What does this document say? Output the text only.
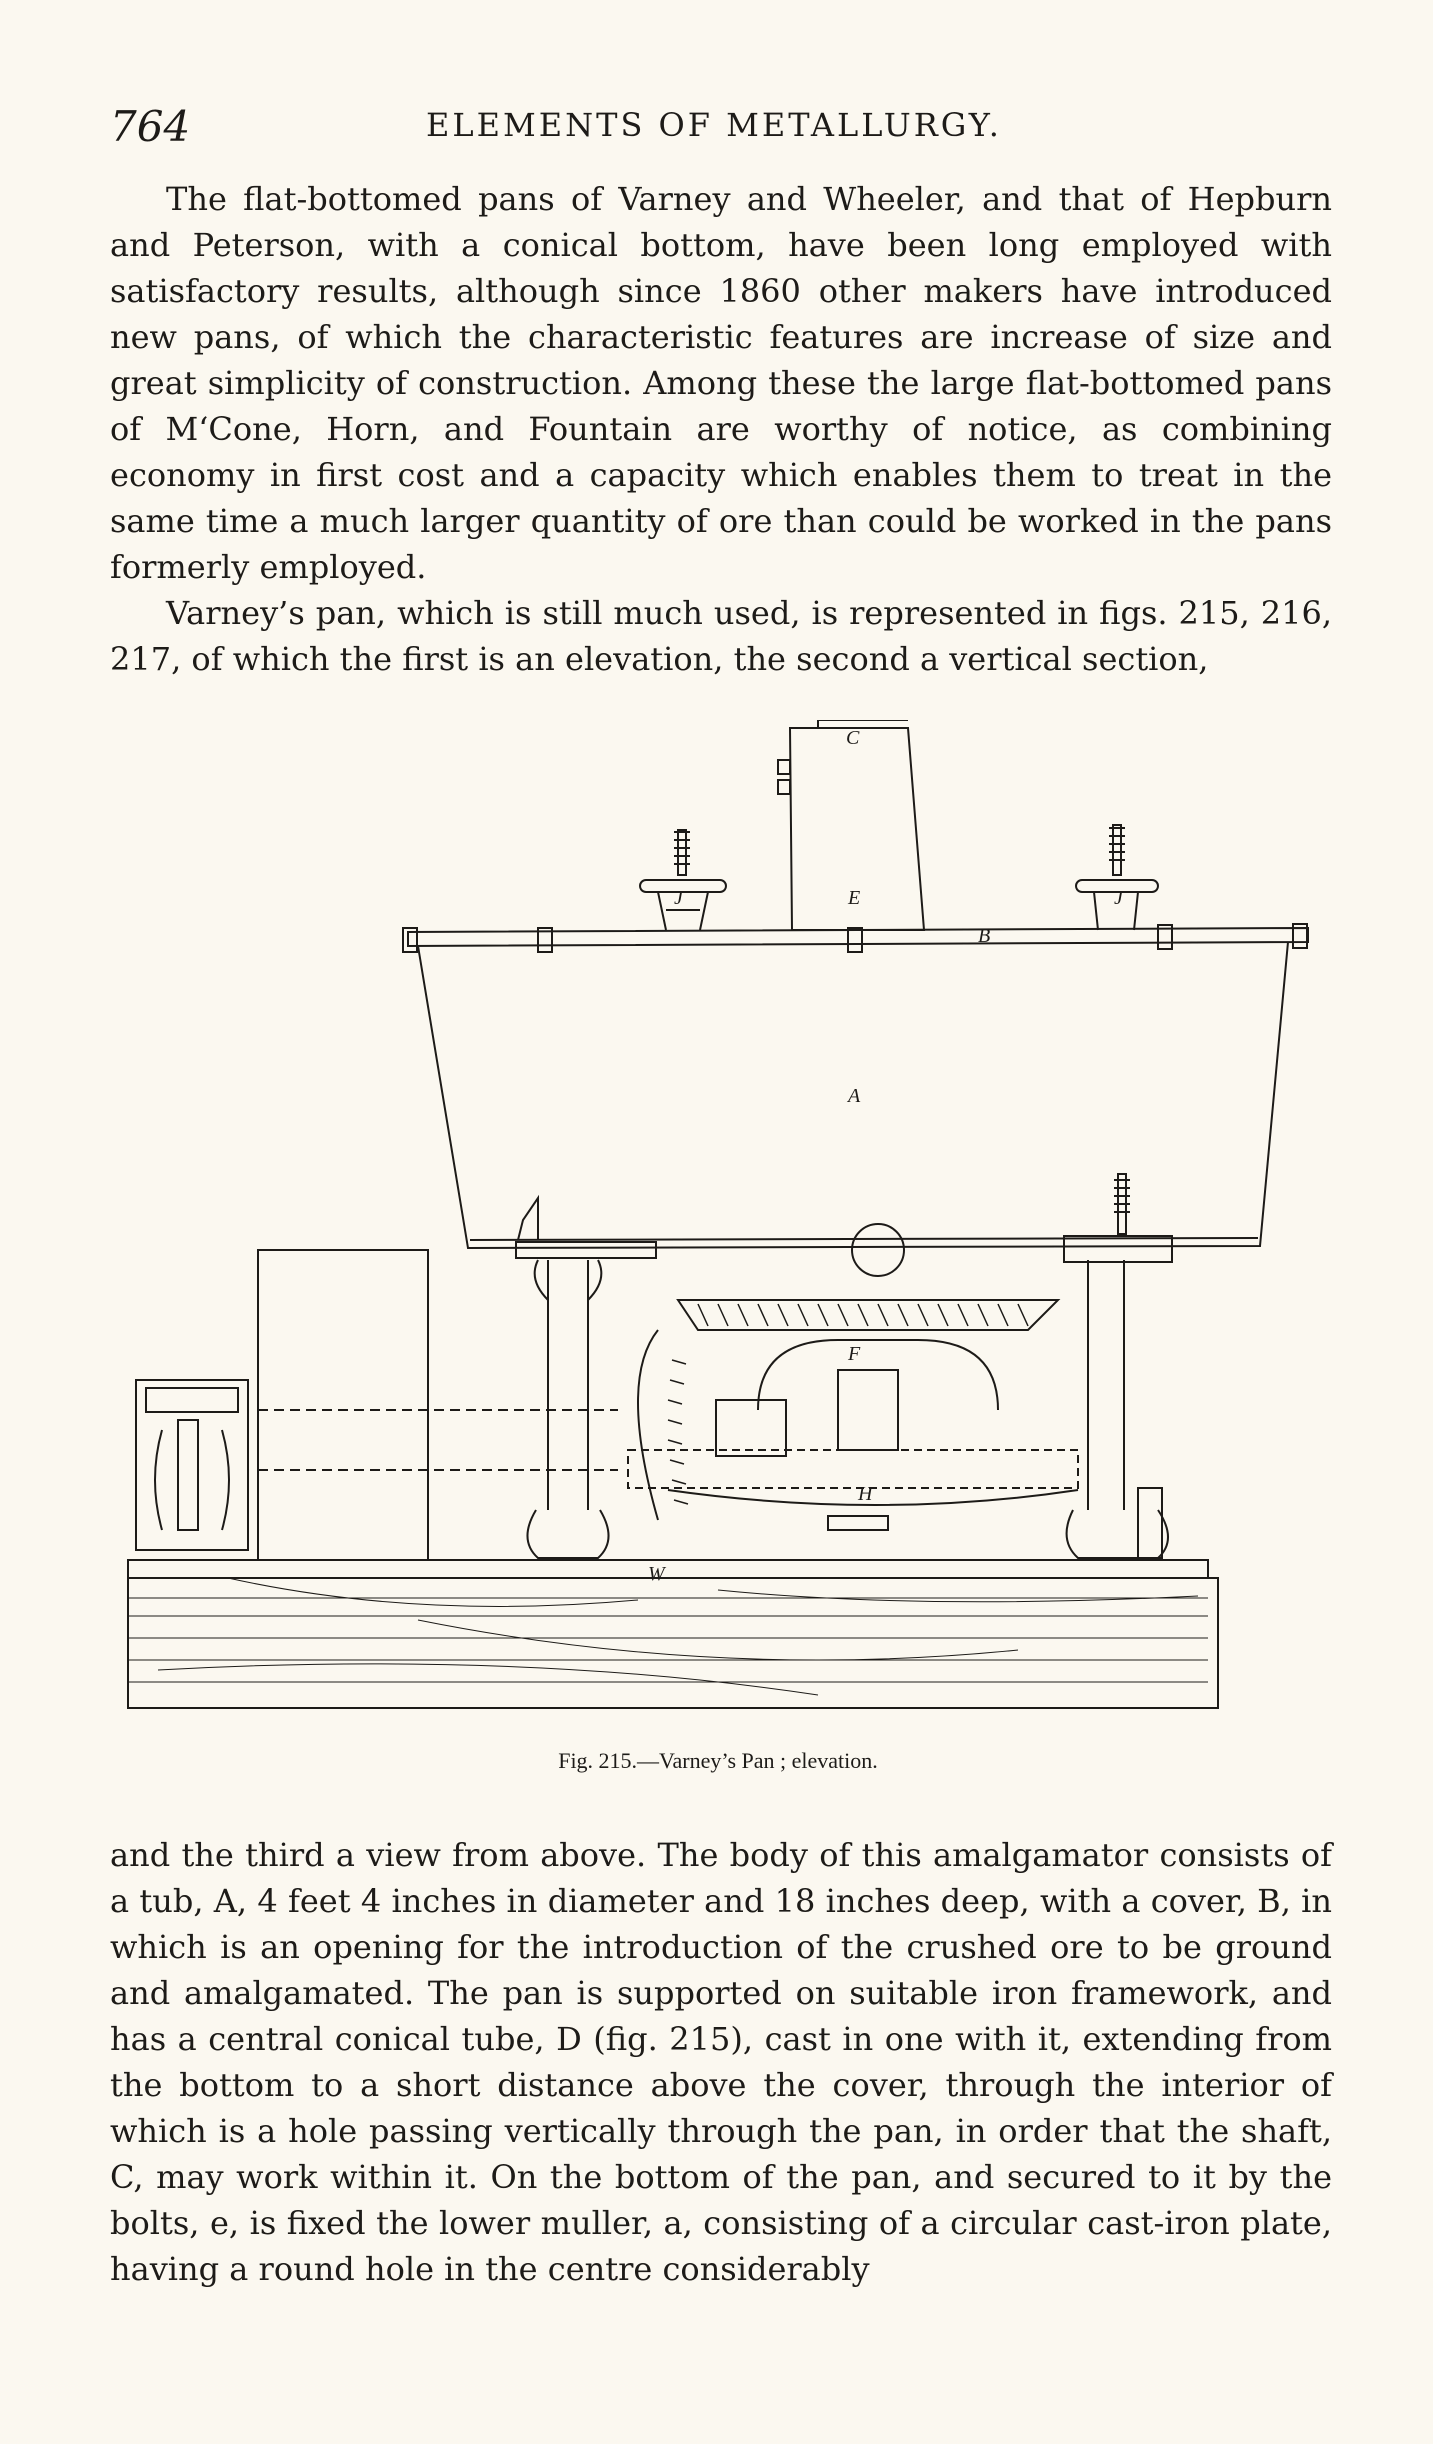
764	ELEMENTS OF METALLURGY.

The flat-bottomed pans of Varney and Wheeler, and that of Hepburn and Peterson, with a conical bottom, have been long employed with satisfactory results, although since 1860 other makers have introduced new pans, of which the characteristic features are increase of size and great simplicity of construction. Among these the large flat-bottomed pans of M‘Cone, Horn, and Fountain are worthy of notice, as combining economy in first cost and a capacity which enables them to treat in the same time a much larger quantity of ore than could be worked in the pans formerly employed.

Varney’s pan, which is still much used, is represented in figs. 215, 216, 217, of which the first is an elevation, the second a vertical section,

C
E
J	J
B
A
F
H
W
Fig. 215.—Varney’s Pan ; elevation.

and the third a view from above. The body of this amalgamator consists of a tub, A, 4 feet 4 inches in diameter and 18 inches deep, with a cover, B, in which is an opening for the introduction of the crushed ore to be ground and amalgamated. The pan is supported on suitable iron framework, and has a central conical tube, D (fig. 215), cast in one with it, extending from the bottom to a short distance above the cover, through the interior of which is a hole passing vertically through the pan, in order that the shaft, C, may work within it. On the bottom of the pan, and secured to it by the bolts, e, is fixed the lower muller, a, consisting of a circular cast-iron plate, having a round hole in the centre considerably
